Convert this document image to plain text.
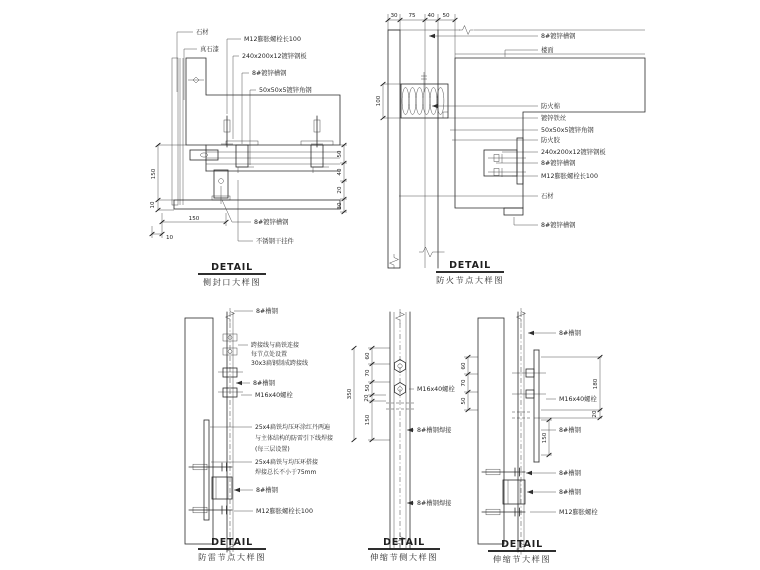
石材
真石漆
M12膨胀螺栓长100
240x200x12镀锌钢板
8#镀锌槽钢
50x50x5镀锌角钢
8#镀锌槽钢
不锈钢干挂件
150
10
150
10
50
40
20
30
DETAIL
侧封口大样图
30 75 40 50
8#镀锌槽钢
楼面
防火棉
镀锌铁丝
50x50x5镀锌角钢
防火胶
240x200x12镀锌钢板
8#镀锌槽钢
M12膨胀螺栓长100
石材
8#镀锌槽钢
100
DETAIL
防火节点大样图
8#槽钢
跨接线与扁铁连接
每节点处设置
30x3扁钢制成跨接线
8#槽钢
M16x40螺栓
25x4扁铁均压环涂红丹两遍
与主体结构的防雷引下线焊接
(每三层设置)
25x4扁铁与均压环搭接
焊接总长不小于75mm
8#槽钢
M12膨胀螺栓长100
DETAIL
防雷节点大样图
60
70
50
20
150
350	M16x40螺栓
8#槽钢焊接
8#槽钢焊接
DETAIL
伸缩节侧大样图
60
70
50
180
20
150
8#槽钢
M16x40螺栓
8#槽钢
8#槽钢
8#槽钢
M12膨胀螺栓
DETAIL
伸缩节大样图
